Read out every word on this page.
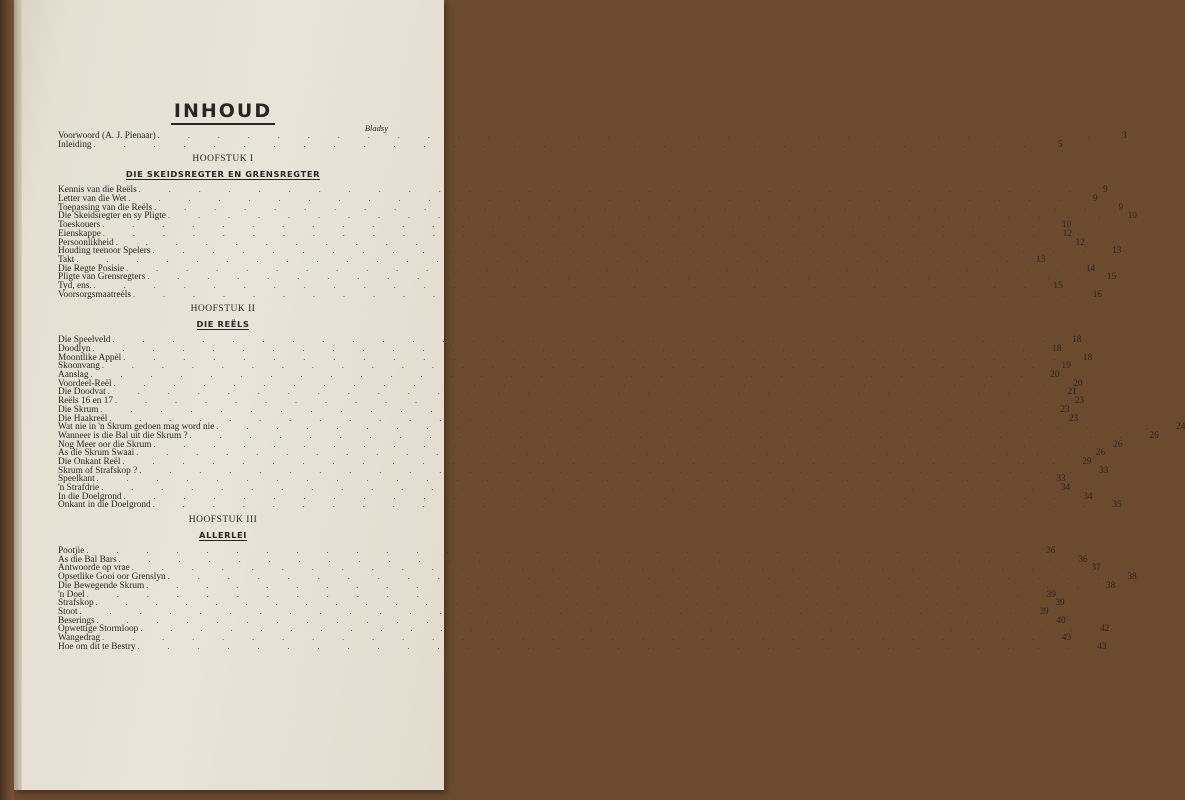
INHOUD
Bladsy
Voorwoord (A. J. Pienaar) . . . . . . . . . . . . . . . . . . . . . . . . . . . . . . . .	3
Inleiding . . . . . . . . . . . . . . . . . . . . . . . . . . . . . . . .	5
HOOFSTUK I
DIE SKEIDSREGTER EN GRENSREGTER
Kennis van die Reëls . . . . . . . . . . . . . . . . . . . . . . . . . . . . . . . .	9
Letter van die Wet . . . . . . . . . . . . . . . . . . . . . . . . . . . . . . . .	9
Toepassing van die Reëls . . . . . . . . . . . . . . . . . . . . . . . . . . . . . . . .	9
Die Skeidsregter en sy Pligte . . . . . . . . . . . . . . . . . . . . . . . . . . . . . . . .	10
Toeskouers . . . . . . . . . . . . . . . . . . . . . . . . . . . . . . . .	10
Eienskappe . . . . . . . . . . . . . . . . . . . . . . . . . . . . . . . .	12
Persoonlikheid . . . . . . . . . . . . . . . . . . . . . . . . . . . . . . . .	12
Houding teenoor Spelers . . . . . . . . . . . . . . . . . . . . . . . . . . . . . . . .	13
Takt . . . . . . . . . . . . . . . . . . . . . . . . . . . . . . . .	13
Die Regte Posisie . . . . . . . . . . . . . . . . . . . . . . . . . . . . . . . .	14
Pligte van Grensregters . . . . . . . . . . . . . . . . . . . . . . . . . . . . . . . .	15
Tyd, ens. . . . . . . . . . . . . . . . . . . . . . . . . . . . . . . . .	15
Voorsorgsmaatreëls . . . . . . . . . . . . . . . . . . . . . . . . . . . . . . . .	16
HOOFSTUK II
DIE REËLS
Die Speelveld . . . . . . . . . . . . . . . . . . . . . . . . . . . . . . . .	18
Doodlyn . . . . . . . . . . . . . . . . . . . . . . . . . . . . . . . .	18
Moontlike Appèl . . . . . . . . . . . . . . . . . . . . . . . . . . . . . . . .	18
Skoonvang . . . . . . . . . . . . . . . . . . . . . . . . . . . . . . . .	19
Aanslag . . . . . . . . . . . . . . . . . . . . . . . . . . . . . . . .	20
Voordeel-Reël . . . . . . . . . . . . . . . . . . . . . . . . . . . . . . . .	20
Die Doodvat . . . . . . . . . . . . . . . . . . . . . . . . . . . . . . . .	21
Reëls 16 en 17 . . . . . . . . . . . . . . . . . . . . . . . . . . . . . . . .	23
Die Skrum . . . . . . . . . . . . . . . . . . . . . . . . . . . . . . . .	23
Die Haakreël . . . . . . . . . . . . . . . . . . . . . . . . . . . . . . . .	23
Wat nie in 'n Skrum gedoen mag word nie . . . . . . . . . . . . . . . . . . . . . . . . . . . . . . . .	24
Wanneer is die Bal uit die Skrum ? . . . . . . . . . . . . . . . . . . . . . . . . . . . . . . . .	26
Nog Meer oor die Skrum . . . . . . . . . . . . . . . . . . . . . . . . . . . . . . . .	26
As die Skrum Swaai . . . . . . . . . . . . . . . . . . . . . . . . . . . . . . . .	26
Die Onkant Reël . . . . . . . . . . . . . . . . . . . . . . . . . . . . . . . .	29
Skrum of Strafskop ? . . . . . . . . . . . . . . . . . . . . . . . . . . . . . . . .	33
Speelkant . . . . . . . . . . . . . . . . . . . . . . . . . . . . . . . .	33
'n Strafdrie . . . . . . . . . . . . . . . . . . . . . . . . . . . . . . . .	34
In die Doelgrond . . . . . . . . . . . . . . . . . . . . . . . . . . . . . . . .	34
Onkant in die Doelgrond . . . . . . . . . . . . . . . . . . . . . . . . . . . . . . . .	35
HOOFSTUK III
ALLERLEI
Pootjie . . . . . . . . . . . . . . . . . . . . . . . . . . . . . . . .	36
As die Bal Bars . . . . . . . . . . . . . . . . . . . . . . . . . . . . . . . .	36
Antwoorde op vrae . . . . . . . . . . . . . . . . . . . . . . . . . . . . . . . .	37
Opsetlike Gooi oor Grenslyn . . . . . . . . . . . . . . . . . . . . . . . . . . . . . . . .	38
Die Bewegende Skrum . . . . . . . . . . . . . . . . . . . . . . . . . . . . . . . .	38
'n Doel . . . . . . . . . . . . . . . . . . . . . . . . . . . . . . . .	39
Strafskop . . . . . . . . . . . . . . . . . . . . . . . . . . . . . . . .	39
Stoot . . . . . . . . . . . . . . . . . . . . . . . . . . . . . . . .	39
Beserings . . . . . . . . . . . . . . . . . . . . . . . . . . . . . . . .	40
Opwettige Stormloop . . . . . . . . . . . . . . . . . . . . . . . . . . . . . . . .	42
Wangedrag . . . . . . . . . . . . . . . . . . . . . . . . . . . . . . . .	43
Hoe om dit te Bestry . . . . . . . . . . . . . . . . . . . . . . . . . . . . . . . .	43
